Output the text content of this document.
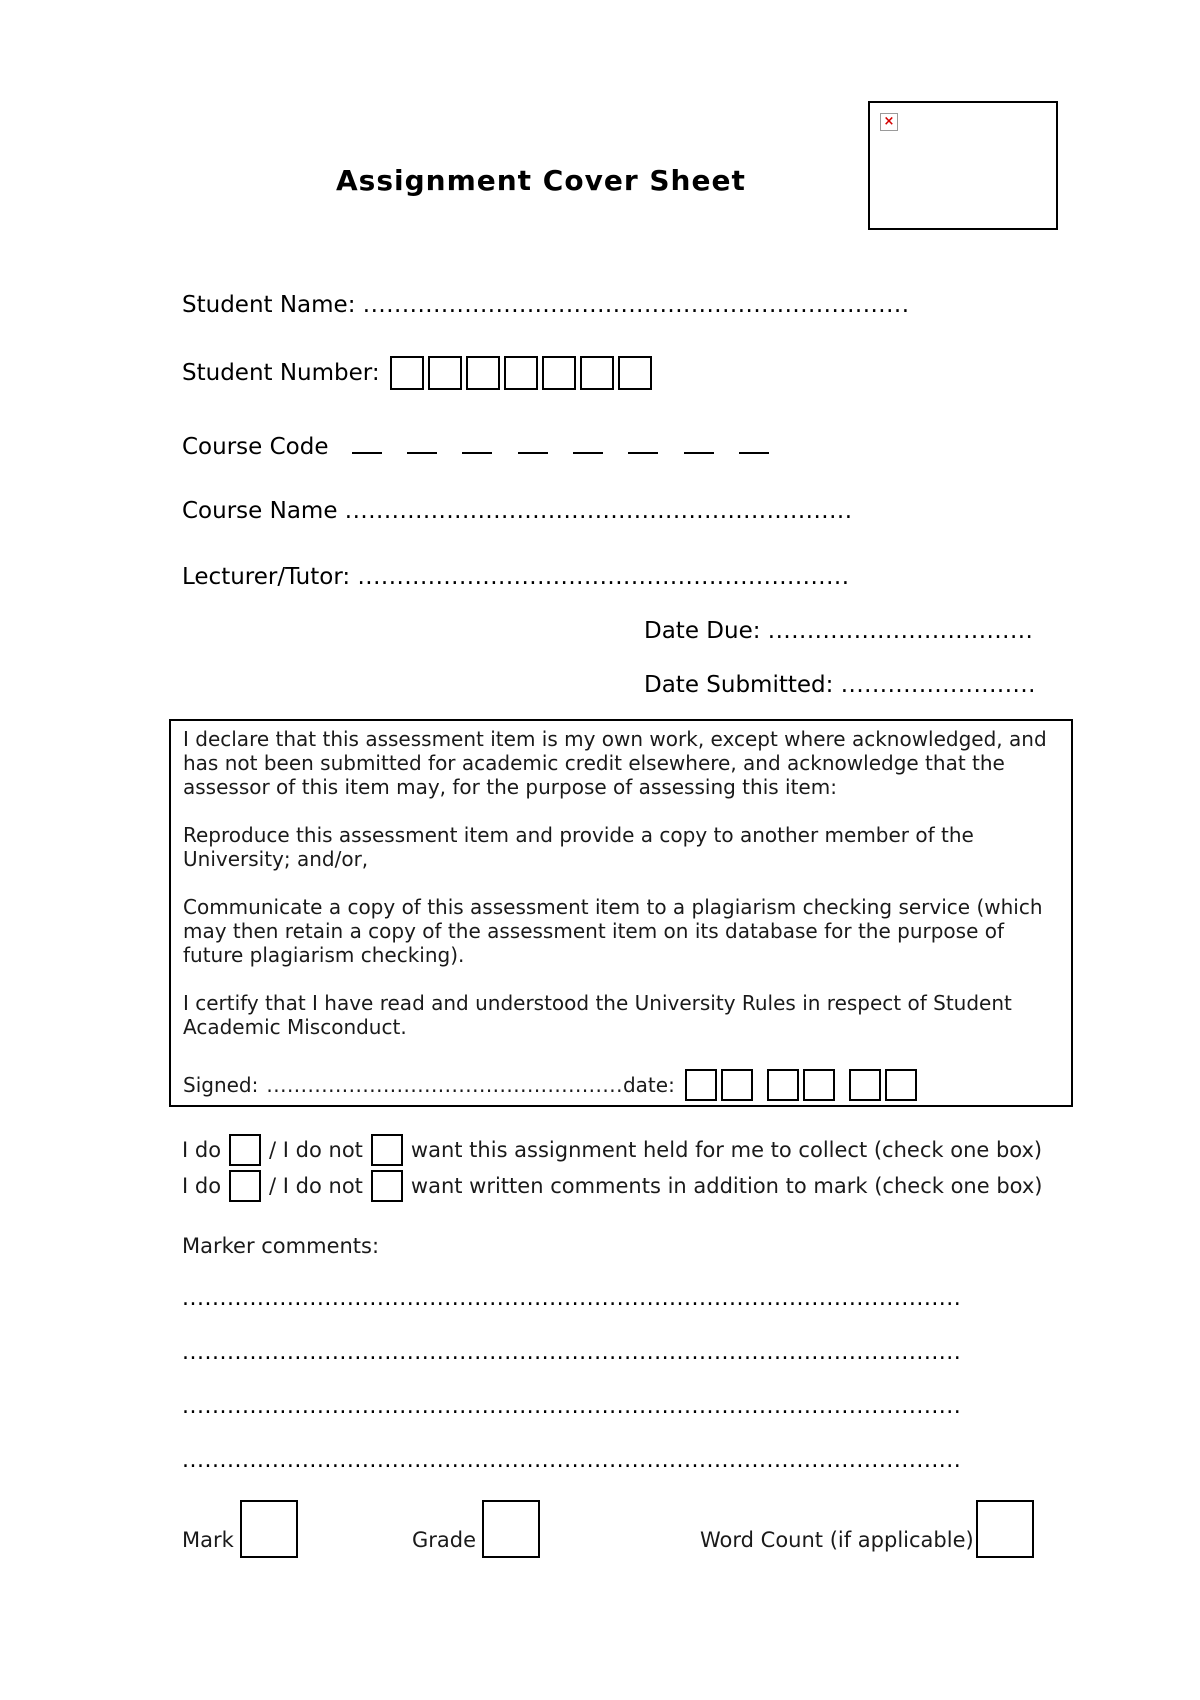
Assignment Cover Sheet
×
Student Name: ......................................................................
Student Number:
Course Code
Course Name .................................................................
Lecturer/Tutor: ...............................................................
Date Due: ..................................
Date Submitted: .........................

I declare that this assessment item is my own work, except where acknowledged, and has not been submitted for academic credit elsewhere, and acknowledge that the assessor of this item may, for the purpose of assessing this item:

Reproduce this assessment item and provide a copy to another member of the University; and/or,

Communicate a copy of this assessment item to a plagiarism checking service (which may then retain a copy of the assessment item on its database for the purpose of future plagiarism checking).

I certify that I have read and understood the University Rules in respect of Student Academic Misconduct.

Signed: .................................................... date:
I do / I do not want this assignment held for me to collect (check one box)
I do / I do not want written comments in addition to mark (check one box)
Marker comments:
........................................................................................................
........................................................................................................
........................................................................................................
........................................................................................................
Mark	Grade	Word Count (if applicable)
